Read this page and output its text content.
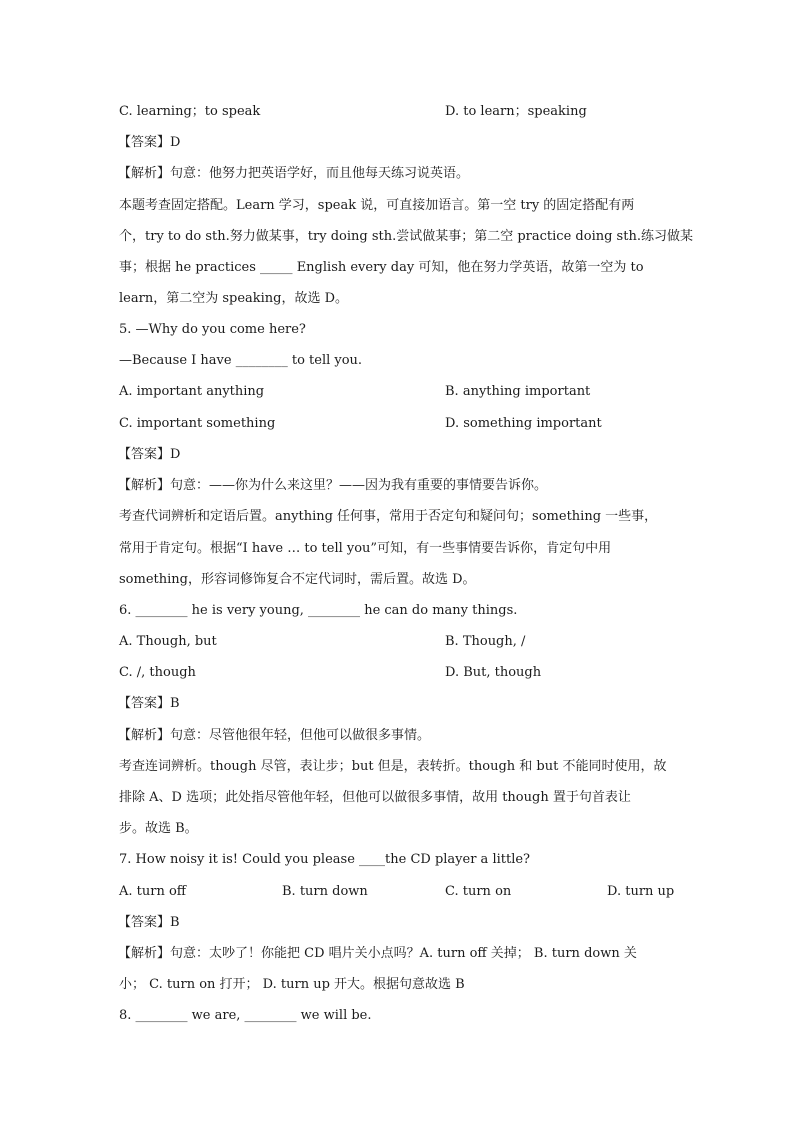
C. learning；to speak	D. to learn；speaking
【答案】D
【解析】句意：他努力把英语学好，而且他每天练习说英语。
本题考查固定搭配。Learn 学习，speak 说，可直接加语言。第一空 try 的固定搭配有两
个，try to do sth.努力做某事，try doing sth.尝试做某事；第二空 practice doing sth.练习做某
事；根据 he practices _____ English every day 可知，他在努力学英语，故第一空为 to
learn，第二空为 speaking，故选 D。
5. —Why do you come here?
—Because I have ________ to tell you.
A. important anything	B. anything important
C. important something	D. something important
【答案】D
【解析】句意：——你为什么来这里？——因为我有重要的事情要告诉你。
考查代词辨析和定语后置。anything 任何事，常用于否定句和疑问句；something 一些事，
常用于肯定句。根据“I have … to tell you”可知，有一些事情要告诉你，肯定句中用
something，形容词修饰复合不定代词时，需后置。故选 D。
6. ________ he is very young, ________ he can do many things.
A. Though, but	B. Though, /
C. /, though	D. But, though
【答案】B
【解析】句意：尽管他很年轻，但他可以做很多事情。
考查连词辨析。though 尽管，表让步；but 但是，表转折。though 和 but 不能同时使用，故
排除 A、D 选项；此处指尽管他年轻，但他可以做很多事情，故用 though 置于句首表让
步。故选 B。
7. How noisy it is! Could you please ____the CD player a little?
A. turn off	B. turn down	C. turn on	D. turn up
【答案】B
【解析】句意：太吵了！你能把 CD 唱片关小点吗？A. turn off 关掉； B. turn down 关
小； C. turn on 打开； D. turn up 开大。根据句意故选 B
8. ________ we are, ________ we will be.
